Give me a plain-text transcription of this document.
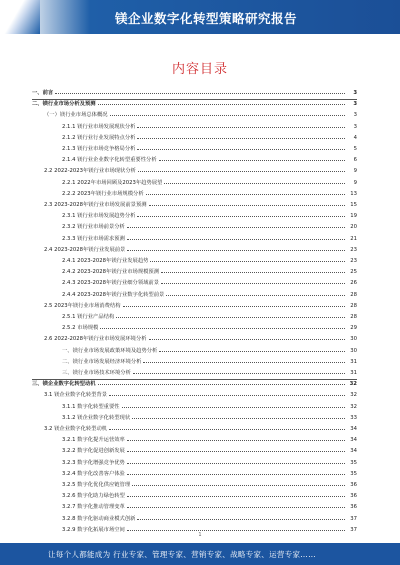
镁企业数字化转型策略研究报告
内容目录
一、前言	3
二、镁行业市场分析及预测	3
（一）镁行业市场总体概况	3
2.1.1 镁行业市场发展现状分析	3
2.1.2 镁行业行业发展特点分析	4
2.1.3 镁行业市场竞争格局分析	5
2.1.4 镁行业企业数字化转型重要性分析	6
2.2 2022-2023年镁行业市场现状分析	9
2.2.1 2022年市场回顾及2023年趋势展望	9
2.2.2 2023年镁行业市场规模分析	13
2.3 2023-2028年镁行业市场发展前景预测	15
2.3.1 镁行业市场发展趋势分析	19
2.3.2 镁行业市场前景分析	20
2.3.3 镁行业市场需求预测	21
2.4 2023-2028年镁行业发展前景	23
2.4.1 2023-2028年镁行业发展趋势	23
2.4.2 2023-2028年镁行业市场规模预测	25
2.4.3 2023-2028年镁行业细分领域前景	26
2.4.4 2023-2028年镁行业数字化转型前景	28
2.5 2023年镁行业市场消费结构	28
2.5.1 镁行业产品结构	28
2.5.2 市场规模	29
2.6 2022-2028年镁行业市场发展环境分析	30
一、镁行业市场发展政策环境及趋势分析	30
二、镁行业市场发展经济环境分析	31
三、镁行业市场技术环境分析	31
三、镁企业数字化转型动机	32
3.1 镁企业数字化转型背景	32
3.1.1 数字化转型重要性	32
3.1.2 镁企业数字化转型现状	33
3.2 镁企业数字化转型动机	34
3.2.1 数字化提升运营效率	34
3.2.2 数字化促进创新发展	34
3.2.3 数字化增强竞争优势	35
3.2.4 数字化改善客户体验	35
3.2.5 数字化优化供应链管理	36
3.2.6 数字化助力绿色转型	36
3.2.7 数字化推动管理变革	36
3.2.8 数字化驱动商业模式创新	37
3.2.9 数字化拓展市场空间	37
1
让每个人都能成为 行业专家、管理专家、营销专家、战略专家、运营专家……
